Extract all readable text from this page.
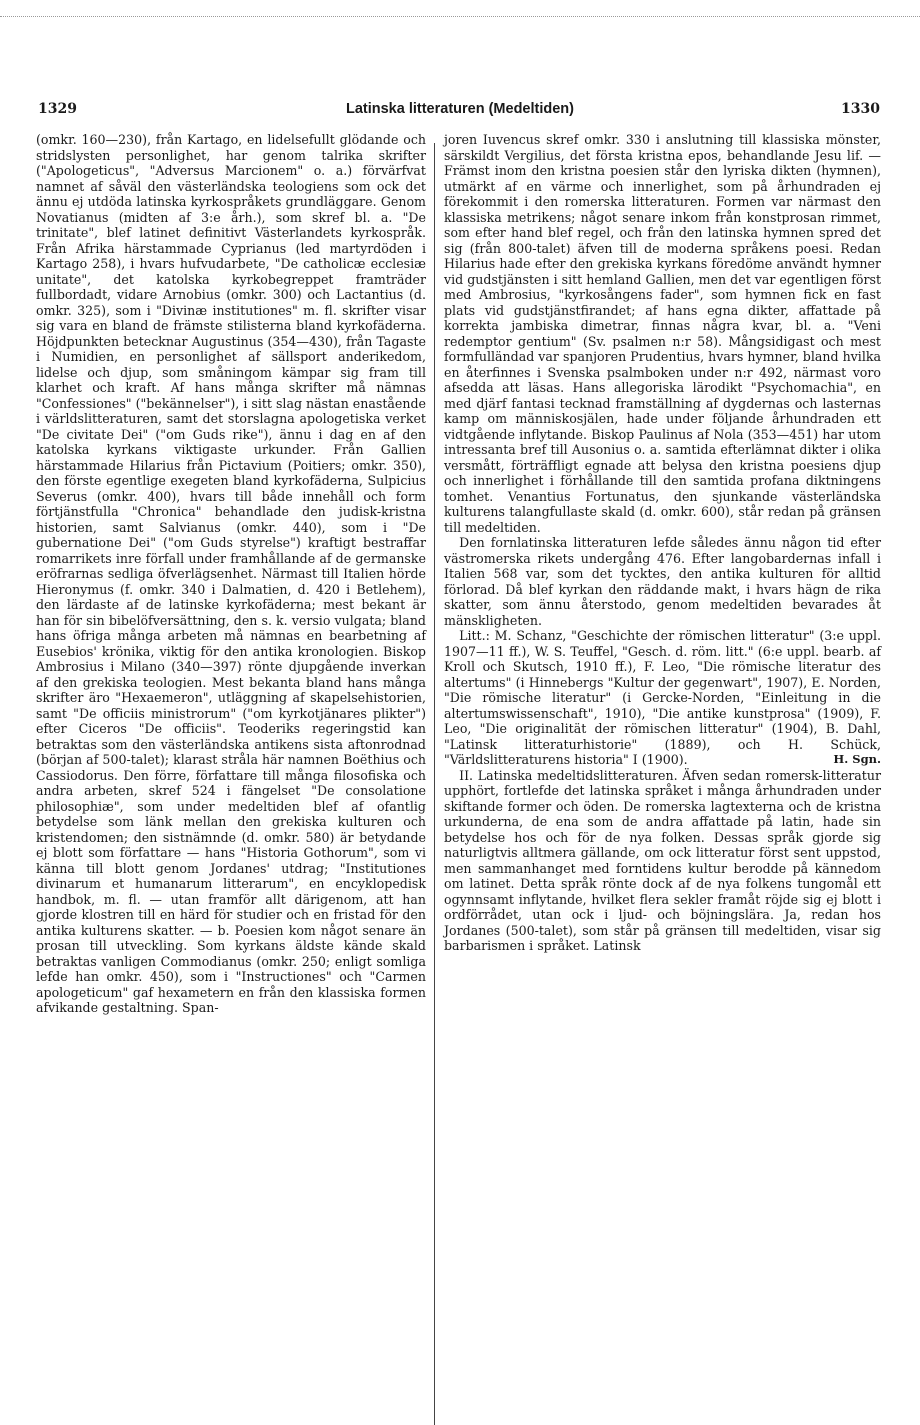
1329	Latinska litteraturen (Medeltiden)	1330

(omkr. 160—230), från Kartago, en lidelsefullt glödande och stridslysten personlighet, har genom talrika skrifter ("Apologeticus", "Adversus Marcionem" o. a.) förvärfvat namnet af såväl den västerländska teologiens som ock det ännu ej utdöda latinska kyrkospråkets grundläggare. Genom Novatianus (midten af 3:e årh.), som skref bl. a. "De trinitate", blef latinet definitivt Västerlandets kyrkospråk. Från Afrika härstammade Cyprianus (led martyrdöden i Kartago 258), i hvars hufvudarbete, "De catholicæ ecclesiæ unitate", det katolska kyrkobegreppet framträder fullbordadt, vidare Arnobius (omkr. 300) och Lactantius (d. omkr. 325), som i "Divinæ institutiones" m. fl. skrifter visar sig vara en bland de främste stilisterna bland kyrkofäderna. Höjdpunkten betecknar Augustinus (354—430), från Tagaste i Numidien, en personlighet af sällsport anderikedom, lidelse och djup, som småningom kämpar sig fram till klarhet och kraft. Af hans många skrifter må nämnas "Confessiones" ("bekännelser"), i sitt slag nästan enastående i världslitteraturen, samt det storslagna apologetiska verket "De civitate Dei" ("om Guds rike"), ännu i dag en af den katolska kyrkans viktigaste urkunder. Från Gallien härstammade Hilarius från Pictavium (Poitiers; omkr. 350), den förste egentlige exegeten bland kyrkofäderna, Sulpicius Severus (omkr. 400), hvars till både innehåll och form förtjänstfulla "Chronica" behandlade den judisk-kristna historien, samt Salvianus (omkr. 440), som i "De gubernatione Dei" ("om Guds styrelse") kraftigt bestraffar romarrikets inre förfall under framhållande af de germanske eröfrarnas sedliga öfverlägsenhet. Närmast till Italien hörde Hieronymus (f. omkr. 340 i Dalmatien, d. 420 i Betlehem), den lärdaste af de latinske kyrkofäderna; mest bekant är han för sin bibelöfversättning, den s. k. versio vulgata; bland hans öfriga många arbeten må nämnas en bearbetning af Eusebios' krönika, viktig för den antika kronologien. Biskop Ambrosius i Milano (340—397) rönte djupgående inverkan af den grekiska teologien. Mest bekanta bland hans många skrifter äro "Hexaemeron", utläggning af skapelsehistorien, samt "De officiis ministrorum" ("om kyrkotjänares plikter") efter Ciceros "De officiis". Teoderiks regeringstid kan betraktas som den västerländska antikens sista aftonrodnad (början af 500-talet); klarast stråla här namnen Boëthius och Cassiodorus. Den förre, författare till många filosofiska och andra arbeten, skref 524 i fängelset "De consolatione philosophiæ", som under medeltiden blef af ofantlig betydelse som länk mellan den grekiska kulturen och kristendomen; den sistnämnde (d. omkr. 580) är betydande ej blott som författare — hans "Historia Gothorum", som vi känna till blott genom Jordanes' utdrag; "Institutiones divinarum et humanarum litterarum", en encyklopedisk handbok, m. fl. — utan framför allt därigenom, att han gjorde klostren till en härd för studier och en fristad för den antika kulturens skatter. — b. Poesien kom något senare än prosan till utveckling. Som kyrkans äldste kände skald betraktas vanligen Commodianus (omkr. 250; enligt somliga lefde han omkr. 450), som i "Instructiones" och "Carmen apologeticum" gaf hexametern en från den klassiska formen afvikande gestaltning. Span-

joren Iuvencus skref omkr. 330 i anslutning till klassiska mönster, särskildt Vergilius, det första kristna epos, behandlande Jesu lif. — Främst inom den kristna poesien står den lyriska dikten (hymnen), utmärkt af en värme och innerlighet, som på århundraden ej förekommit i den romerska litteraturen. Formen var närmast den klassiska metrikens; något senare inkom från konstprosan rimmet, som efter hand blef regel, och från den latinska hymnen spred det sig (från 800-talet) äfven till de moderna språkens poesi. Redan Hilarius hade efter den grekiska kyrkans föredöme användt hymner vid gudstjänsten i sitt hemland Gallien, men det var egentligen först med Ambrosius, "kyrkosångens fader", som hymnen fick en fast plats vid gudstjänstfirandet; af hans egna dikter, affattade på korrekta jambiska dimetrar, finnas några kvar, bl. a. "Veni redemptor gentium" (Sv. psalmen n:r 58). Mångsidigast och mest formfulländad var spanjoren Prudentius, hvars hymner, bland hvilka en återfinnes i Svenska psalmboken under n:r 492, närmast voro afsedda att läsas. Hans allegoriska lärodikt "Psychomachia", en med djärf fantasi tecknad framställning af dygdernas och lasternas kamp om människosjälen, hade under följande århundraden ett vidtgående inflytande. Biskop Paulinus af Nola (353—451) har utom intressanta bref till Ausonius o. a. samtida efterlämnat dikter i olika versmått, förträffligt egnade att belysa den kristna poesiens djup och innerlighet i förhållande till den samtida profana diktningens tomhet. Venantius Fortunatus, den sjunkande västerländska kulturens talangfullaste skald (d. omkr. 600), står redan på gränsen till medeltiden.

Den fornlatinska litteraturen lefde således ännu någon tid efter västromerska rikets undergång 476. Efter langobardernas infall i Italien 568 var, som det tycktes, den antika kulturen för alltid förlorad. Då blef kyrkan den räddande makt, i hvars hägn de rika skatter, som ännu återstodo, genom medeltiden bevarades åt mänskligheten.

Litt.: M. Schanz, "Geschichte der römischen litteratur" (3:e uppl. 1907—11 ff.), W. S. Teuffel, "Gesch. d. röm. litt." (6:e uppl. bearb. af Kroll och Skutsch, 1910 ff.), F. Leo, "Die römische literatur des altertums" (i Hinnebergs "Kultur der gegenwart", 1907), E. Norden, "Die römische literatur" (i Gercke-Norden, "Einleitung in die altertumswissenschaft", 1910), "Die antike kunstprosa" (1909), F. Leo, "Die originalität der römischen litteratur" (1904), B. Dahl, "Latinsk litteraturhistorie" (1889), och H. Schück, "Världslitteraturens historia" I (1900).	H. Sgn.

II. Latinska medeltidslitteraturen. Äfven sedan romersk-litteratur upphört, fortlefde det latinska språket i många århundraden under skiftande former och öden. De romerska lagtexterna och de kristna urkunderna, de ena som de andra affattade på latin, hade sin betydelse hos och för de nya folken. Dessas språk gjorde sig naturligtvis alltmera gällande, om ock litteratur först sent uppstod, men sammanhanget med forntidens kultur berodde på kännedom om latinet. Detta språk rönte dock af de nya folkens tungomål ett ogynnsamt inflytande, hvilket flera sekler framåt röjde sig ej blott i ordförrådet, utan ock i ljud- och böjningslära. Ja, redan hos Jordanes (500-talet), som står på gränsen till medeltiden, visar sig barbarismen i språket. Latinsk
